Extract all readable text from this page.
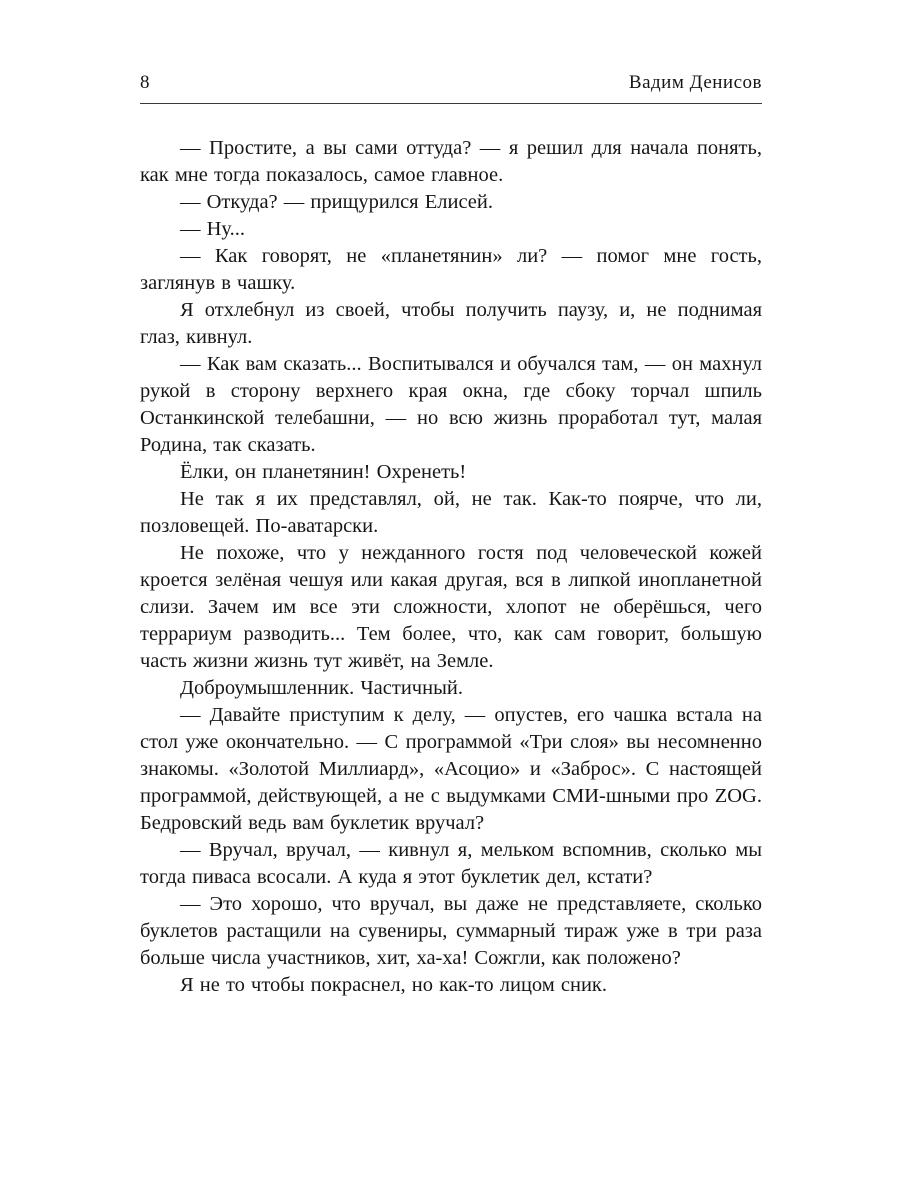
8	Вадим Денисов

— Простите, а вы сами оттуда? — я решил для начала понять, как мне тогда показалось, самое главное.

— Откуда? — прищурился Елисей.

— Ну...

— Как говорят, не «планетянин» ли? — помог мне гость, заглянув в чашку.

Я отхлебнул из своей, чтобы получить паузу, и, не поднимая глаз, кивнул.

— Как вам сказать... Воспитывался и обучался там, — он махнул рукой в сторону верхнего края окна, где сбоку торчал шпиль Останкинской телебашни, — но всю жизнь проработал тут, малая Родина, так сказать.

Ёлки, он планетянин! Охренеть!

Не так я их представлял, ой, не так. Как-то поярче, что ли, позловещей. По-аватарски.

Не похоже, что у нежданного гостя под человеческой кожей кроется зелёная чешуя или какая другая, вся в липкой инопланетной слизи. Зачем им все эти сложности, хлопот не оберёшься, чего террариум разводить... Тем более, что, как сам говорит, большую часть жизни жизнь тут живёт, на Земле.

Доброумышленник. Частичный.

— Давайте приступим к делу, — опустев, его чашка встала на стол уже окончательно. — С программой «Три слоя» вы несомненно знакомы. «Золотой Миллиард», «Асоцио» и «Заброс». С настоящей программой, действующей, а не с выдумками СМИ-шными про ZOG. Бедровский ведь вам буклетик вручал?

— Вручал, вручал, — кивнул я, мельком вспомнив, сколько мы тогда пиваса всосали. А куда я этот буклетик дел, кстати?

— Это хорошо, что вручал, вы даже не представляете, сколько буклетов растащили на сувениры, суммарный тираж уже в три раза больше числа участников, хит, ха-ха! Сожгли, как положено?

Я не то чтобы покраснел, но как-то лицом сник.
